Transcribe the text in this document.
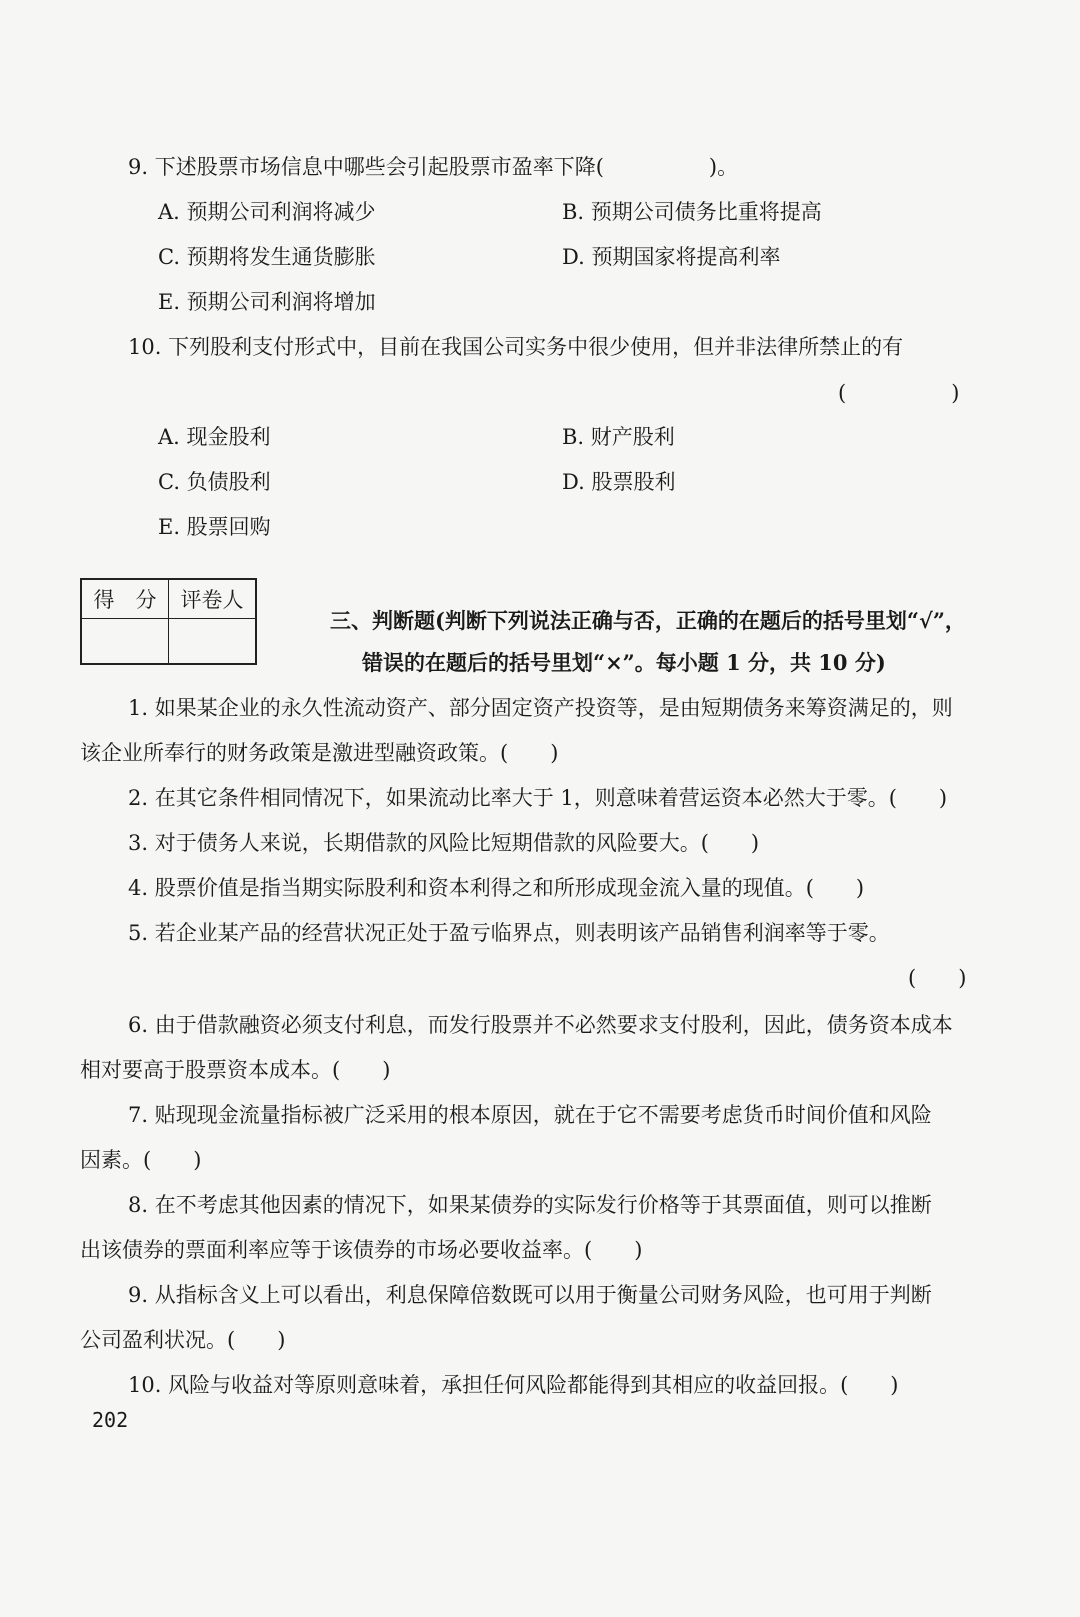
9. 下述股票市场信息中哪些会引起股票市盈率下降(　　　　　)。
A. 预期公司利润将减少	B. 预期公司债务比重将提高
C. 预期将发生通货膨胀	D. 预期国家将提高利率
E. 预期公司利润将增加
10. 下列股利支付形式中，目前在我国公司实务中很少使用，但并非法律所禁止的有
(　　　　　)
A. 现金股利	B. 财产股利
C. 负债股利	D. 股票股利
E. 股票回购
得　分	评卷人

三、判断题(判断下列说法正确与否，正确的在题后的括号里划“√”，
错误的在题后的括号里划“×”。每小题 1 分，共 10 分)
1. 如果某企业的永久性流动资产、部分固定资产投资等，是由短期债务来筹资满足的，则
该企业所奉行的财务政策是激进型融资政策。(　　)
2. 在其它条件相同情况下，如果流动比率大于 1，则意味着营运资本必然大于零。(　　)
3. 对于债务人来说，长期借款的风险比短期借款的风险要大。(　　)
4. 股票价值是指当期实际股利和资本利得之和所形成现金流入量的现值。(　　)
5. 若企业某产品的经营状况正处于盈亏临界点，则表明该产品销售利润率等于零。
(　　)
6. 由于借款融资必须支付利息，而发行股票并不必然要求支付股利，因此，债务资本成本
相对要高于股票资本成本。(　　)
7. 贴现现金流量指标被广泛采用的根本原因，就在于它不需要考虑货币时间价值和风险
因素。(　　)
8. 在不考虑其他因素的情况下，如果某债券的实际发行价格等于其票面值，则可以推断
出该债券的票面利率应等于该债券的市场必要收益率。(　　)
9. 从指标含义上可以看出，利息保障倍数既可以用于衡量公司财务风险，也可用于判断
公司盈利状况。(　　)
10. 风险与收益对等原则意味着，承担任何风险都能得到其相应的收益回报。(　　)
202
